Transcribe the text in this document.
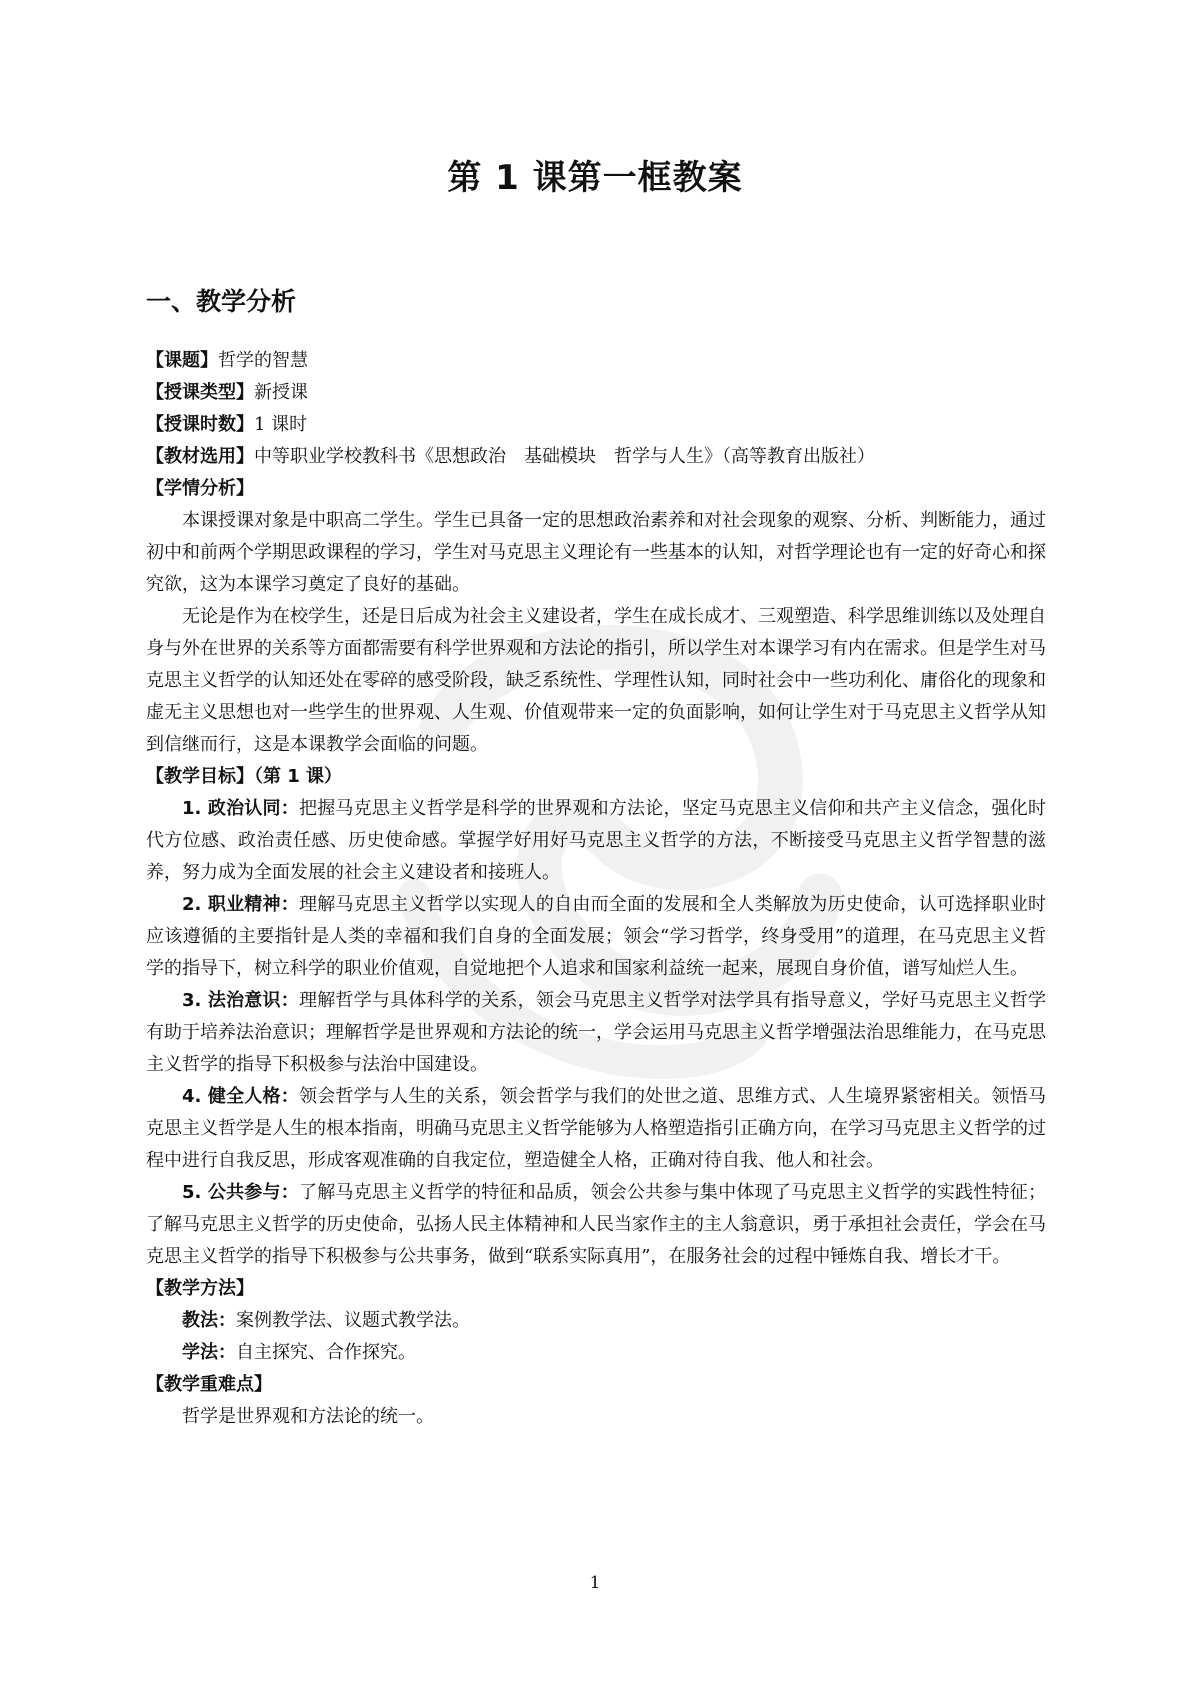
第 1 课第一框教案
一、教学分析

【课题】哲学的智慧

【授课类型】新授课

【授课时数】1 课时

【教材选用】中等职业学校教科书《思想政治　基础模块　哲学与人生》（高等教育出版社）

【学情分析】

本课授课对象是中职高二学生。学生已具备一定的思想政治素养和对社会现象的观察、分析、判断能力，通过初中和前两个学期思政课程的学习，学生对马克思主义理论有一些基本的认知，对哲学理论也有一定的好奇心和探究欲，这为本课学习奠定了良好的基础。

无论是作为在校学生，还是日后成为社会主义建设者，学生在成长成才、三观塑造、科学思维训练以及处理自身与外在世界的关系等方面都需要有科学世界观和方法论的指引，所以学生对本课学习有内在需求。但是学生对马克思主义哲学的认知还处在零碎的感受阶段，缺乏系统性、学理性认知，同时社会中一些功利化、庸俗化的现象和虚无主义思想也对一些学生的世界观、人生观、价值观带来一定的负面影响，如何让学生对于马克思主义哲学从知到信继而行，这是本课教学会面临的问题。

【教学目标】（第 1 课）

1. 政治认同：把握马克思主义哲学是科学的世界观和方法论，坚定马克思主义信仰和共产主义信念，强化时代方位感、政治责任感、历史使命感。掌握学好用好马克思主义哲学的方法，不断接受马克思主义哲学智慧的滋养，努力成为全面发展的社会主义建设者和接班人。

2. 职业精神：理解马克思主义哲学以实现人的自由而全面的发展和全人类解放为历史使命，认可选择职业时应该遵循的主要指针是人类的幸福和我们自身的全面发展；领会“学习哲学，终身受用”的道理，在马克思主义哲学的指导下，树立科学的职业价值观，自觉地把个人追求和国家利益统一起来，展现自身价值，谱写灿烂人生。

3. 法治意识：理解哲学与具体科学的关系，领会马克思主义哲学对法学具有指导意义，学好马克思主义哲学有助于培养法治意识；理解哲学是世界观和方法论的统一，学会运用马克思主义哲学增强法治思维能力，在马克思主义哲学的指导下积极参与法治中国建设。

4. 健全人格：领会哲学与人生的关系，领会哲学与我们的处世之道、思维方式、人生境界紧密相关。领悟马克思主义哲学是人生的根本指南，明确马克思主义哲学能够为人格塑造指引正确方向，在学习马克思主义哲学的过程中进行自我反思，形成客观准确的自我定位，塑造健全人格，正确对待自我、他人和社会。

5. 公共参与：了解马克思主义哲学的特征和品质，领会公共参与集中体现了马克思主义哲学的实践性特征；了解马克思主义哲学的历史使命，弘扬人民主体精神和人民当家作主的主人翁意识，勇于承担社会责任，学会在马克思主义哲学的指导下积极参与公共事务，做到“联系实际真用”，在服务社会的过程中锤炼自我、增长才干。

【教学方法】

教法：案例教学法、议题式教学法。

学法：自主探究、合作探究。

【教学重难点】

哲学是世界观和方法论的统一。

1
